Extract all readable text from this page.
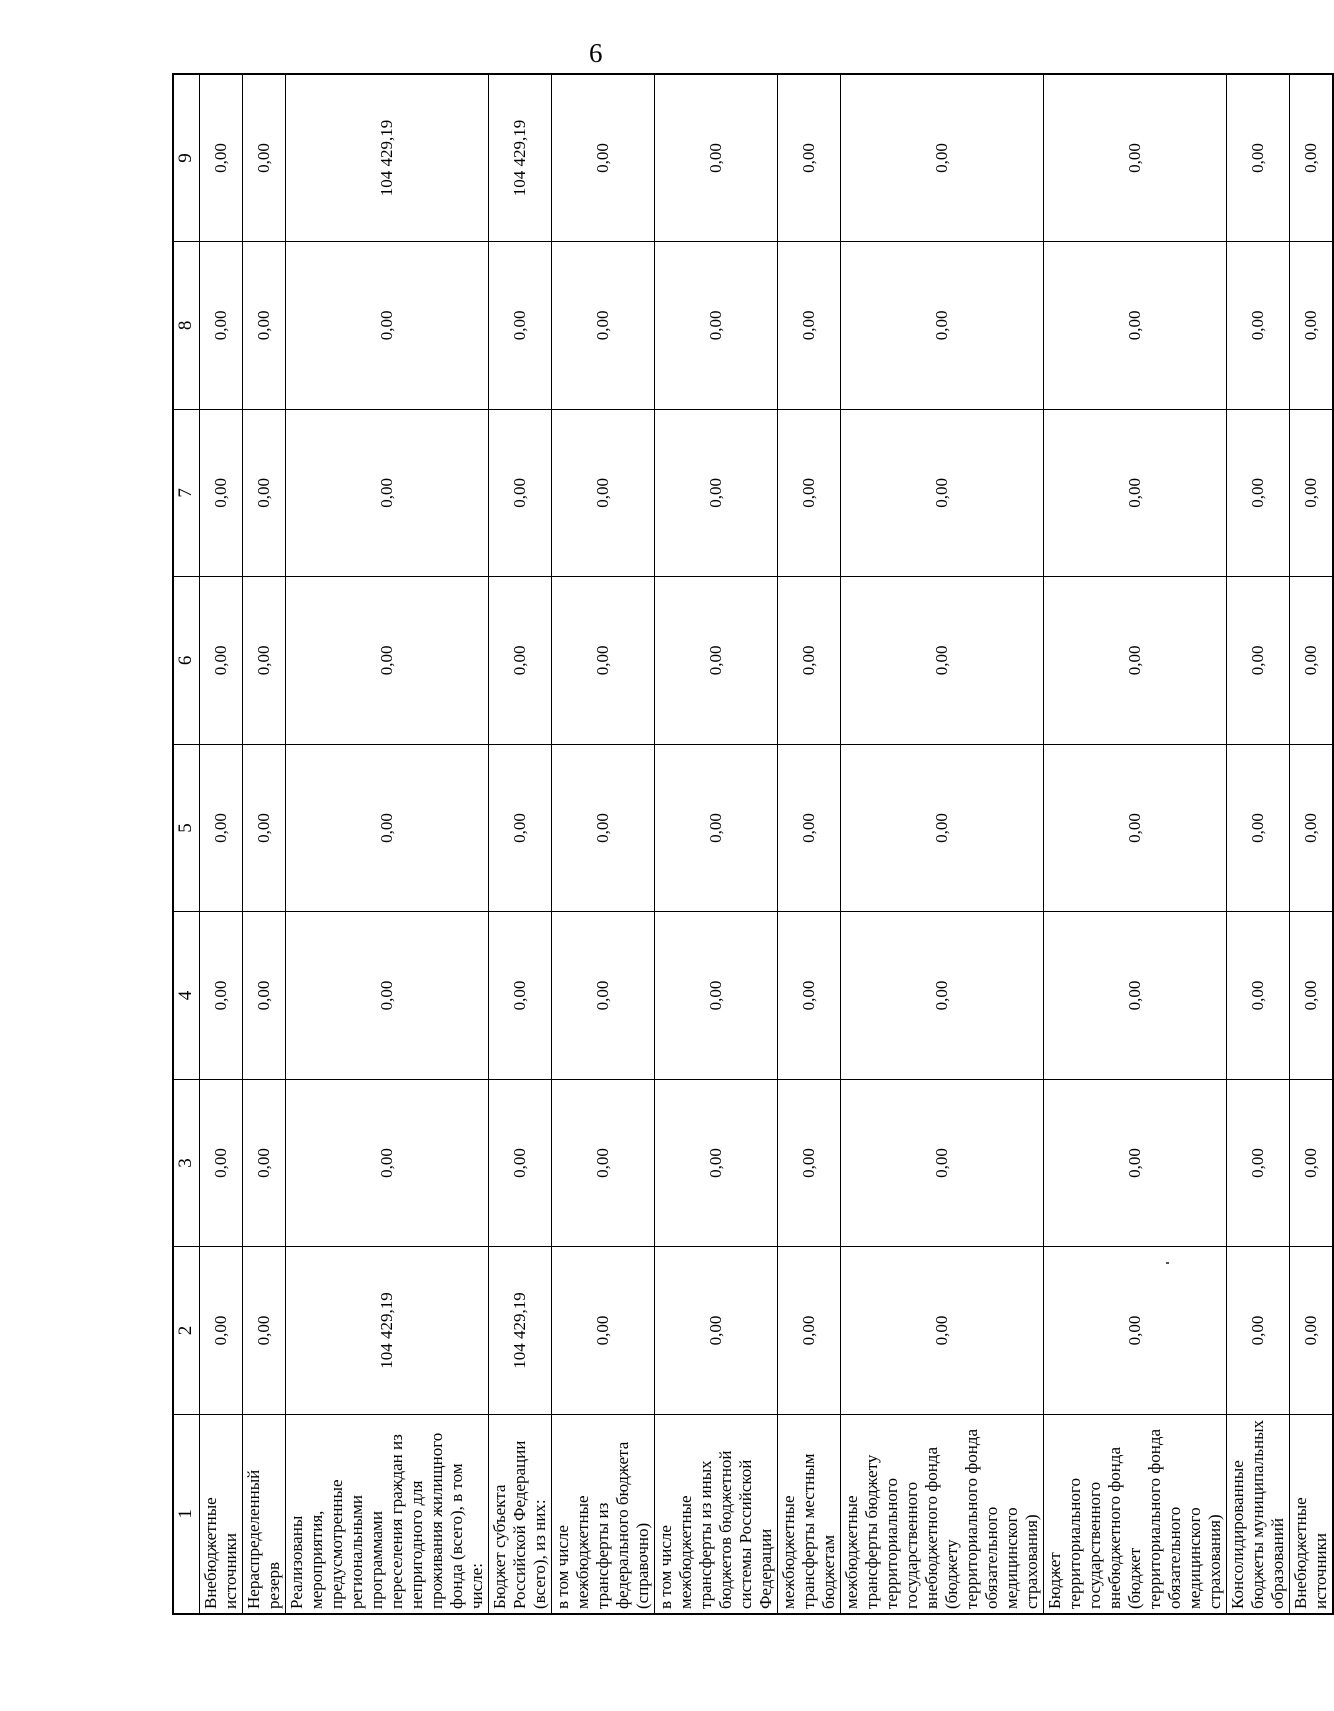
6
1	2	3	4	5	6	7	8	9
Внебюджетные источники	0,00	0,00	0,00	0,00	0,00	0,00	0,00	0,00
Нераспределенный резерв	0,00	0,00	0,00	0,00	0,00	0,00	0,00	0,00
Реализованы мероприятия, предусмотренные региональными программами переселения граждан из непригодного для проживания жилищного фонда (всего), в том числе:	104 429,19	0,00	0,00	0,00	0,00	0,00	0,00	104 429,19
Бюджет субъекта Российской Федерации (всего), из них:	104 429,19	0,00	0,00	0,00	0,00	0,00	0,00	104 429,19
в том числе межбюджетные трансферты из федерального бюджета (справочно)	0,00	0,00	0,00	0,00	0,00	0,00	0,00	0,00
в том числе межбюджетные трансферты из иных бюджетов бюджетной системы Российской Федерации	0,00	0,00	0,00	0,00	0,00	0,00	0,00	0,00
межбюджетные трансферты местным бюджетам	0,00	0,00	0,00	0,00	0,00	0,00	0,00	0,00
межбюджетные трансферты бюджету территориального государственного внебюджетного фонда (бюджету территориального фонда обязательного медицинского страхования)	0,00	0,00	0,00	0,00	0,00	0,00	0,00	0,00
Бюджет территориального государственного внебюджетного фонда (бюджет территориального фонда обязательного медицинского страхования)	0,00	0,00	0,00	0,00	0,00	0,00	0,00	0,00
Консолидированные бюджеты муниципальных образований	0,00	0,00	0,00	0,00	0,00	0,00	0,00	0,00
Внебюджетные источники	0,00	0,00	0,00	0,00	0,00	0,00	0,00	0,00
